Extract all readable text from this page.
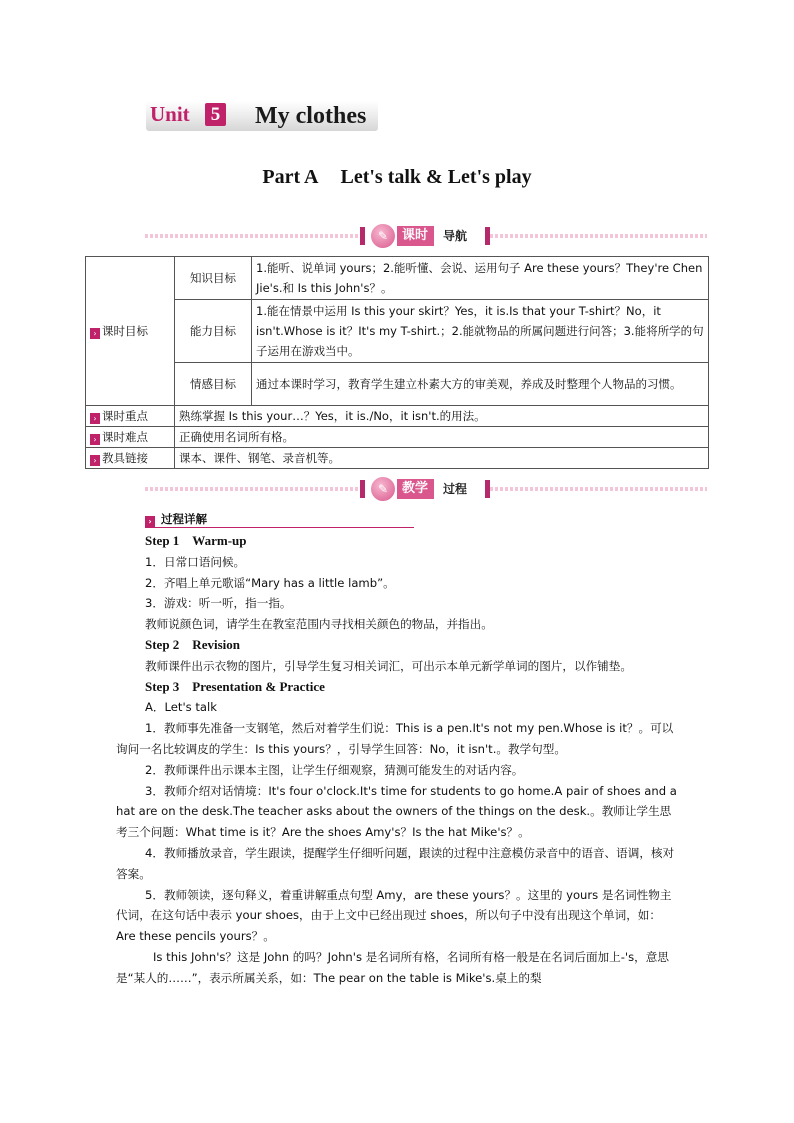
Unit	5 My clothes
Part A Let's talk & Let's play
✎	课时	导航
› 课时目标	知识目标	1.能听、说单词 yours；2.能听懂、会说、运用句子 Are these yours？They're Chen Jie's.和 Is this John's？。
	能力目标	1.能在情景中运用 Is this your skirt？Yes，it is.Is that your T-shirt？No，it isn't.Whose is it？It's my T-shirt.；2.能就物品的所属问题进行问答；3.能将所学的句子运用在游戏当中。
	情感目标	通过本课时学习，教育学生建立朴素大方的审美观，养成及时整理个人物品的习惯。
› 课时重点	熟练掌握 Is this your…？Yes，it is./No，it isn't.的用法。	
› 课时难点	正确使用名词所有格。	
› 教具链接	课本、课件、钢笔、录音机等。	
✎	教学	过程
› 过程详解

Step 1　Warm-up

1．日常口语问候。

2．齐唱上单元歌谣“Mary has a little lamb”。

3．游戏：听一听，指一指。

教师说颜色词，请学生在教室范围内寻找相关颜色的物品，并指出。

Step 2　Revision

教师课件出示衣物的图片，引导学生复习相关词汇，可出示本单元新学单词的图片，以作铺垫。

Step 3　Presentation & Practice

A．Let's talk

1．教师事先准备一支钢笔，然后对着学生们说：This is a pen.It's not my pen.Whose is it？。可以询问一名比较调皮的学生：Is this yours？，引导学生回答：No，it isn't.。教学句型。

2．教师课件出示课本主图，让学生仔细观察，猜测可能发生的对话内容。

3．教师介绍对话情境：It's four o'clock.It's time for students to go home.A pair of shoes and a hat are on the desk.The teacher asks about the owners of the things on the desk.。教师让学生思考三个问题：What time is it？Are the shoes Amy's？Is the hat Mike's？。

4．教师播放录音，学生跟读，提醒学生仔细听问题，跟读的过程中注意模仿录音中的语音、语调，核对答案。

5．教师领读，逐句释义，着重讲解重点句型 Amy，are these yours？。这里的 yours 是名词性物主代词，在这句话中表示 your shoes，由于上文中已经出现过 shoes，所以句子中没有出现这个单词，如：Are these pencils yours？。

Is this John's？这是 John 的吗？John's 是名词所有格，名词所有格一般是在名词后面加上-'s，意思是“某人的……”，表示所属关系，如：The pear on the table is Mike's.桌上的梨
